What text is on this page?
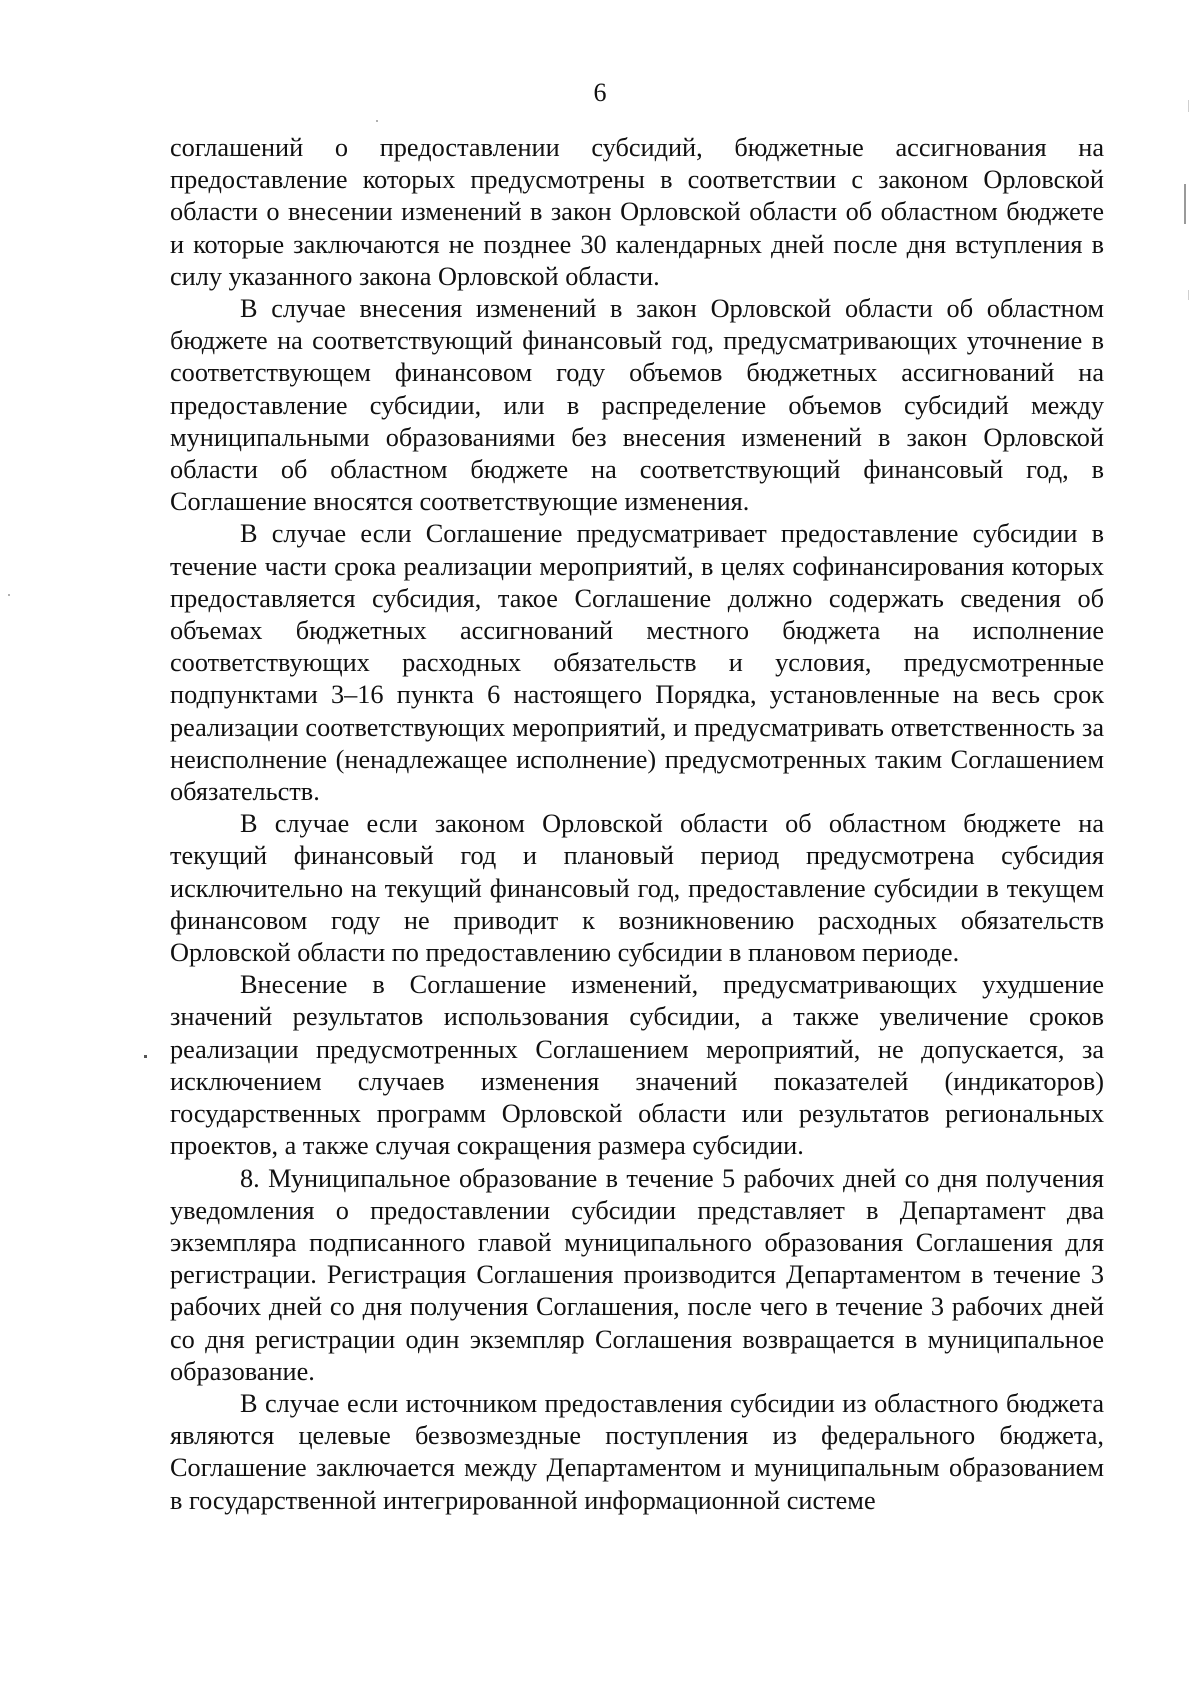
6

соглашений о предоставлении субсидий, бюджетные ассигнования на предоставление которых предусмотрены в соответствии с законом Орловской области о внесении изменений в закон Орловской области об областном бюджете и которые заключаются не позднее 30 календарных дней после дня вступления в силу указанного закона Орловской области.

В случае внесения изменений в закон Орловской области об областном бюджете на соответствующий финансовый год, предусматривающих уточнение в соответствующем финансовом году объемов бюджетных ассигнований на предоставление субсидии, или в распределение объемов субсидий между муниципальными образованиями без внесения изменений в закон Орловской области об областном бюджете на соответствующий финансовый год, в Соглашение вносятся соответствующие изменения.

В случае если Соглашение предусматривает предоставление субсидии в течение части срока реализации мероприятий, в целях софинансирования которых предоставляется субсидия, такое Соглашение должно содержать сведения об объемах бюджетных ассигнований местного бюджета на исполнение соответствующих расходных обязательств и условия, предусмотренные подпунктами 3–16 пункта 6 настоящего Порядка, установленные на весь срок реализации соответствующих мероприятий, и предусматривать ответственность за неисполнение (ненадлежащее исполнение) предусмотренных таким Соглашением обязательств.

В случае если законом Орловской области об областном бюджете на текущий финансовый год и плановый период предусмотрена субсидия исключительно на текущий финансовый год, предоставление субсидии в текущем финансовом году не приводит к возникновению расходных обязательств Орловской области по предоставлению субсидии в плановом периоде.

Внесение в Соглашение изменений, предусматривающих ухудшение значений результатов использования субсидии, а также увеличение сроков реализации предусмотренных Соглашением мероприятий, не допускается, за исключением случаев изменения значений показателей (индикаторов) государственных программ Орловской области или результатов региональных проектов, а также случая сокращения размера субсидии.

8. Муниципальное образование в течение 5 рабочих дней со дня получения уведомления о предоставлении субсидии представляет в Департамент два экземпляра подписанного главой муниципального образования Соглашения для регистрации. Регистрация Соглашения производится Департаментом в течение 3 рабочих дней со дня получения Соглашения, после чего в течение 3 рабочих дней со дня регистрации один экземпляр Соглашения возвращается в муниципальное образование.

В случае если источником предоставления субсидии из областного бюджета являются целевые безвозмездные поступления из федерального бюджета, Соглашение заключается между Департаментом и муниципальным образованием в государственной интегрированной информационной системе
